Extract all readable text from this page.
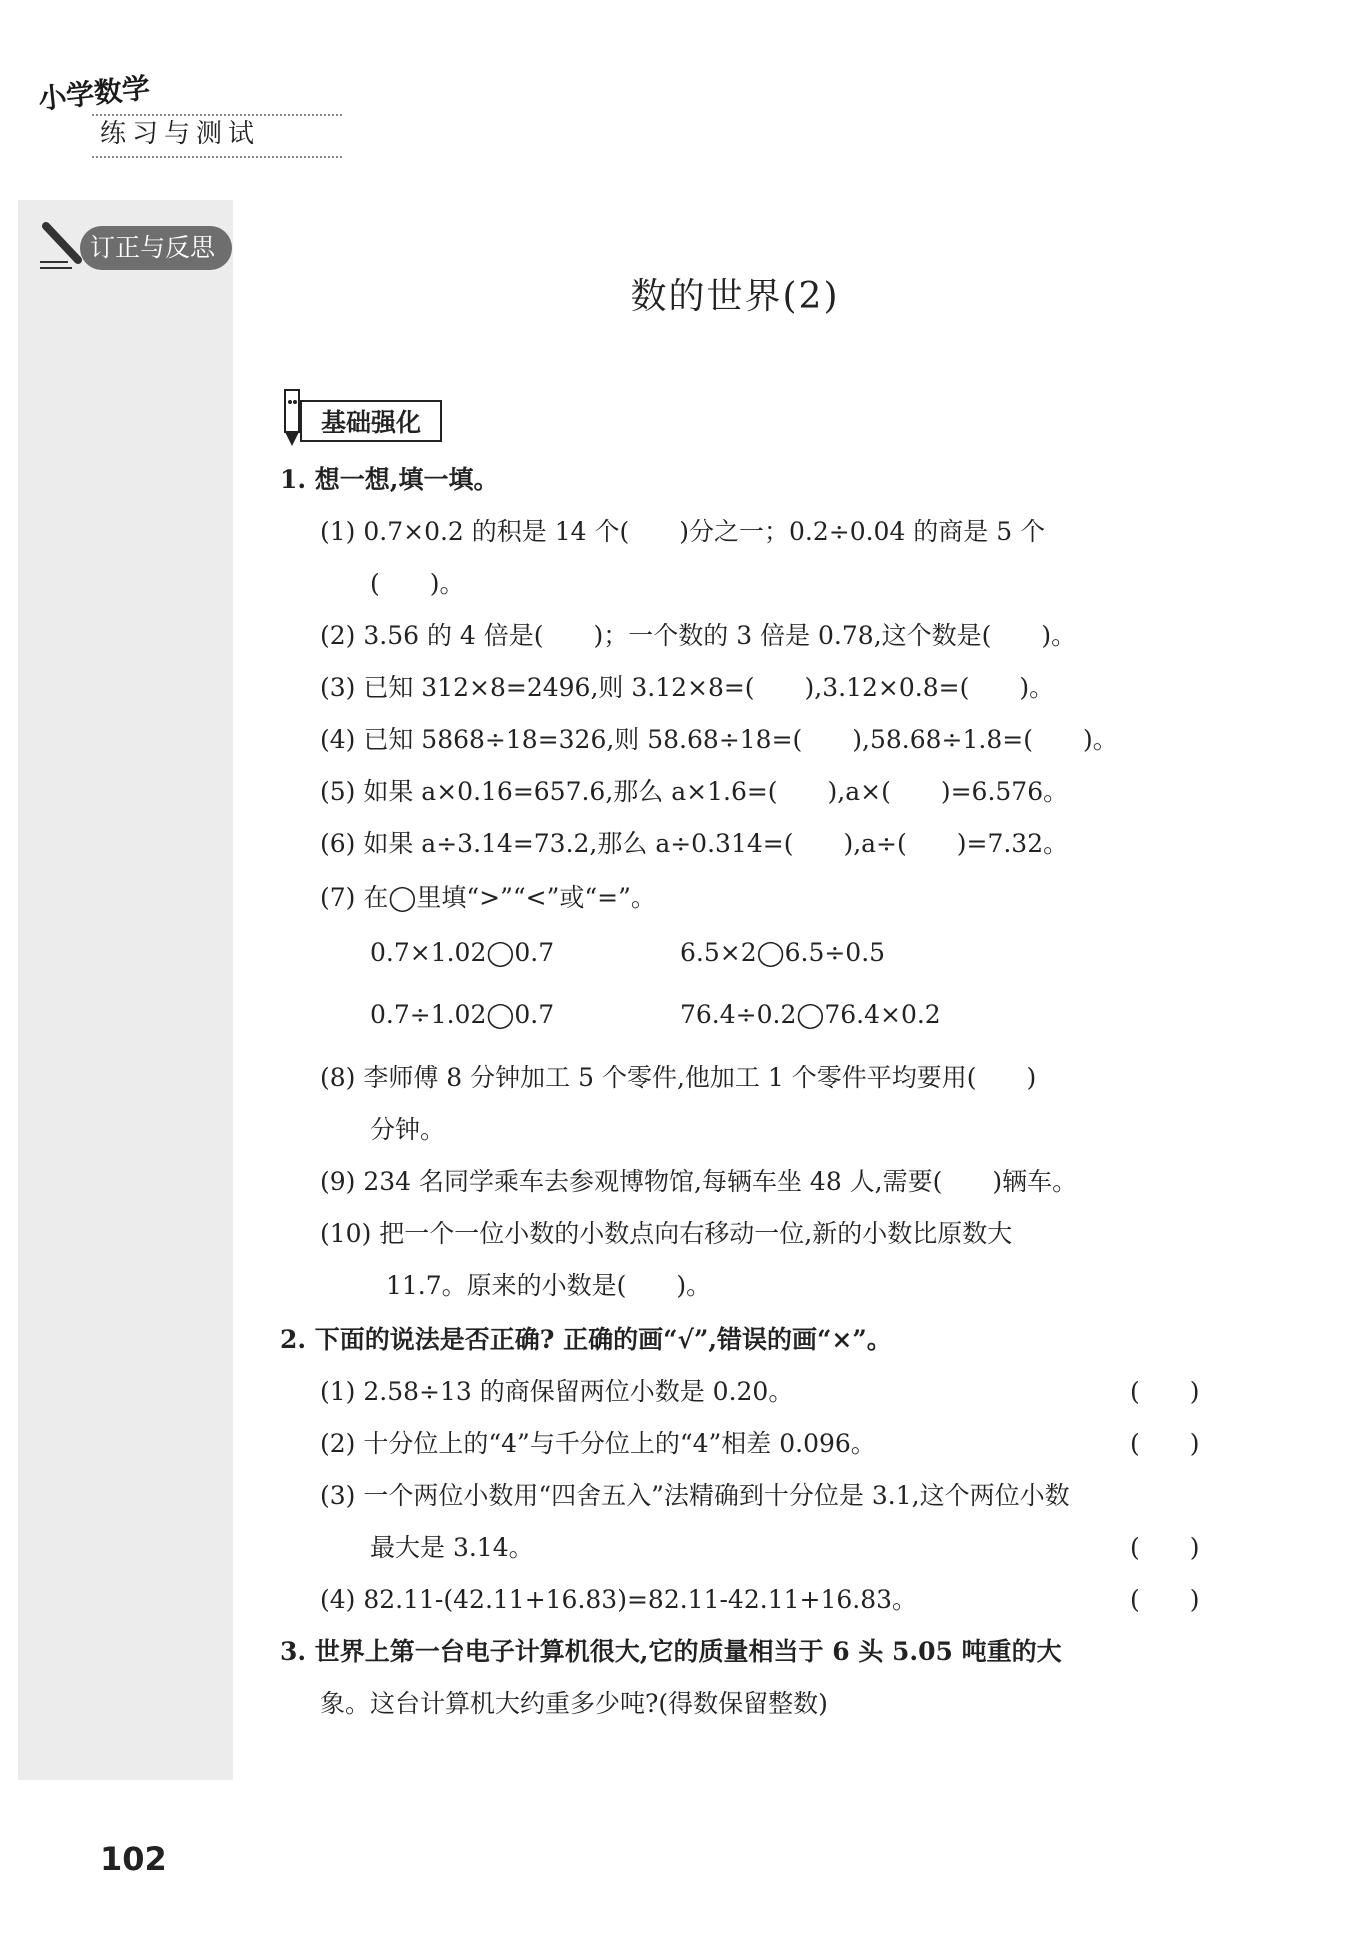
小学数学
练习与测试
订正与反思
数的世界(2)
基础强化
1. 想一想,填一填。
(1) 0.7×0.2 的积是 14 个(　　)分之一；0.2÷0.04 的商是 5 个
(　　)。
(2) 3.56 的 4 倍是(　　)；一个数的 3 倍是 0.78,这个数是(　　)。
(3) 已知 312×8=2496,则 3.12×8=(　　),3.12×0.8=(　　)。
(4) 已知 5868÷18=326,则 58.68÷18=(　　),58.68÷1.8=(　　)。
(5) 如果 a×0.16=657.6,那么 a×1.6=(　　),a×(　　)=6.576。
(6) 如果 a÷3.14=73.2,那么 a÷0.314=(　　),a÷(　　)=7.32。
(7) 在◯里填“>”“<”或“=”。
0.7×1.02◯0.7	6.5×2◯6.5÷0.5
0.7÷1.02◯0.7	76.4÷0.2◯76.4×0.2
(8) 李师傅 8 分钟加工 5 个零件,他加工 1 个零件平均要用(　　)
分钟。
(9) 234 名同学乘车去参观博物馆,每辆车坐 48 人,需要(　　)辆车。
(10) 把一个一位小数的小数点向右移动一位,新的小数比原数大
11.7。原来的小数是(　　)。
2. 下面的说法是否正确? 正确的画“√”,错误的画“×”。
(1) 2.58÷13 的商保留两位小数是 0.20。	(　　)
(2) 十分位上的“4”与千分位上的“4”相差 0.096。	(　　)
(3) 一个两位小数用“四舍五入”法精确到十分位是 3.1,这个两位小数
最大是 3.14。	(　　)
(4) 82.11-(42.11+16.83)=82.11-42.11+16.83。	(　　)
3. 世界上第一台电子计算机很大,它的质量相当于 6 头 5.05 吨重的大
象。这台计算机大约重多少吨?(得数保留整数)
102
